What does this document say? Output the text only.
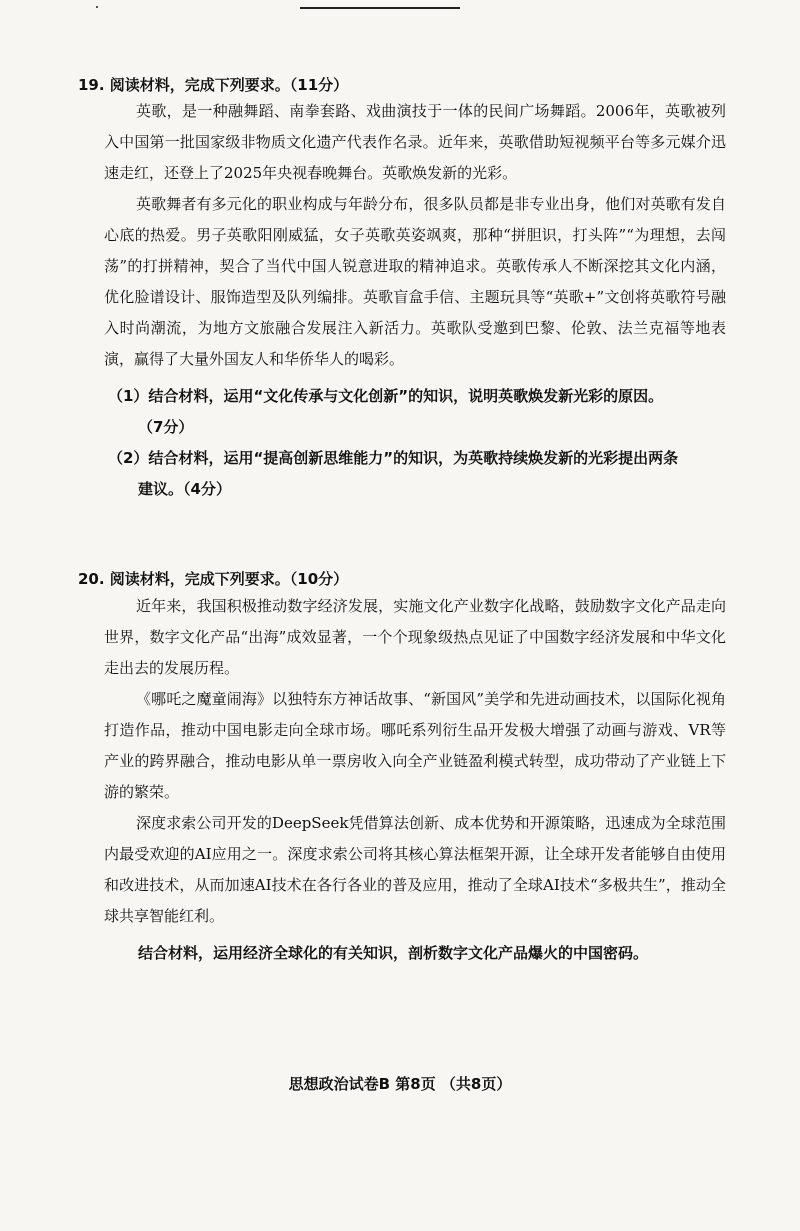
19. 阅读材料，完成下列要求。（11分）

英歌，是一种融舞蹈、南拳套路、戏曲演技于一体的民间广场舞蹈。2006年，英歌被列入中国第一批国家级非物质文化遗产代表作名录。近年来，英歌借助短视频平台等多元媒介迅速走红，还登上了2025年央视春晚舞台。英歌焕发新的光彩。

英歌舞者有多元化的职业构成与年龄分布，很多队员都是非专业出身，他们对英歌有发自心底的热爱。男子英歌阳刚威猛，女子英歌英姿飒爽，那种“拼胆识，打头阵”“为理想，去闯荡”的打拼精神，契合了当代中国人锐意进取的精神追求。英歌传承人不断深挖其文化内涵，优化脸谱设计、服饰造型及队列编排。英歌盲盒手信、主题玩具等“英歌+”文创将英歌符号融入时尚潮流，为地方文旅融合发展注入新活力。英歌队受邀到巴黎、伦敦、法兰克福等地表演，赢得了大量外国友人和华侨华人的喝彩。

（1）结合材料，运用“文化传承与文化创新”的知识，说明英歌焕发新光彩的原因。
（7分）
（2）结合材料，运用“提高创新思维能力”的知识，为英歌持续焕发新的光彩提出两条
建议。（4分）
20. 阅读材料，完成下列要求。（10分）

近年来，我国积极推动数字经济发展，实施文化产业数字化战略，鼓励数字文化产品走向世界，数字文化产品“出海”成效显著，一个个现象级热点见证了中国数字经济发展和中华文化走出去的发展历程。

《哪吒之魔童闹海》以独特东方神话故事、“新国风”美学和先进动画技术，以国际化视角打造作品，推动中国电影走向全球市场。哪吒系列衍生品开发极大增强了动画与游戏、VR等产业的跨界融合，推动电影从单一票房收入向全产业链盈利模式转型，成功带动了产业链上下游的繁荣。

深度求索公司开发的DeepSeek凭借算法创新、成本优势和开源策略，迅速成为全球范围内最受欢迎的AI应用之一。深度求索公司将其核心算法框架开源，让全球开发者能够自由使用和改进技术，从而加速AI技术在各行各业的普及应用，推动了全球AI技术“多极共生”，推动全球共享智能红利。

结合材料，运用经济全球化的有关知识，剖析数字文化产品爆火的中国密码。

思想政治试卷B 第8页 （共8页）
